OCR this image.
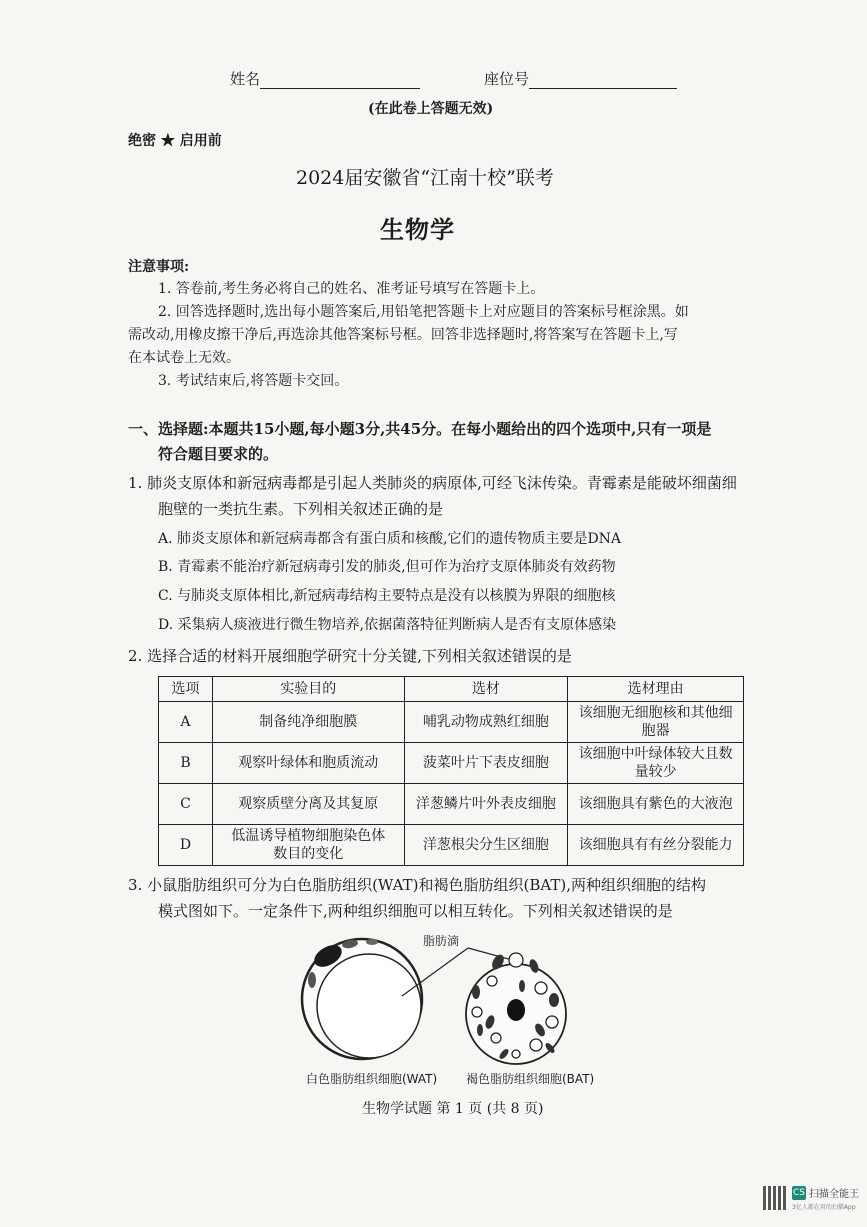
姓名	座位号
(在此卷上答题无效)
绝密 ★ 启用前
2024届安徽省“江南十校”联考
生物学
注意事项:
1. 答卷前,考生务必将自己的姓名、准考证号填写在答题卡上。
2. 回答选择题时,选出每小题答案后,用铅笔把答题卡上对应题目的答案标号框涂黑。如
需改动,用橡皮擦干净后,再选涂其他答案标号框。回答非选择题时,将答案写在答题卡上,写
在本试卷上无效。
3. 考试结束后,将答题卡交回。
一、选择题:本题共15小题,每小题3分,共45分。在每小题给出的四个选项中,只有一项是
符合题目要求的。
1. 肺炎支原体和新冠病毒都是引起人类肺炎的病原体,可经飞沫传染。青霉素是能破坏细菌细
胞壁的一类抗生素。下列相关叙述正确的是
A. 肺炎支原体和新冠病毒都含有蛋白质和核酸,它们的遗传物质主要是DNA
B. 青霉素不能治疗新冠病毒引发的肺炎,但可作为治疗支原体肺炎有效药物
C. 与肺炎支原体相比,新冠病毒结构主要特点是没有以核膜为界限的细胞核
D. 采集病人痰液进行微生物培养,依据菌落特征判断病人是否有支原体感染
2. 选择合适的材料开展细胞学研究十分关键,下列相关叙述错误的是
选项	实验目的	选材	选材理由
A	制备纯净细胞膜	哺乳动物成熟红细胞	该细胞无细胞核和其他细
胞器

B	观察叶绿体和胞质流动	菠菜叶片下表皮细胞	该细胞中叶绿体较大且数
量较少

C	观察质壁分离及其复原	洋葱鳞片叶外表皮细胞	该细胞具有紫色的大液泡

D	低温诱导植物细胞染色体
数目的变化	洋葱根尖分生区细胞	该细胞具有有丝分裂能力
3. 小鼠脂肪组织可分为白色脂肪组织(WAT)和褐色脂肪组织(BAT),两种组织细胞的结构
模式图如下。一定条件下,两种组织细胞可以相互转化。下列相关叙述错误的是
脂肪滴
白色脂肪组织细胞(WAT) 褐色脂肪组织细胞(BAT)
生物学试题 第 1 页 (共 8 页)
CS 扫描全能王
3亿人都在用的扫描App
